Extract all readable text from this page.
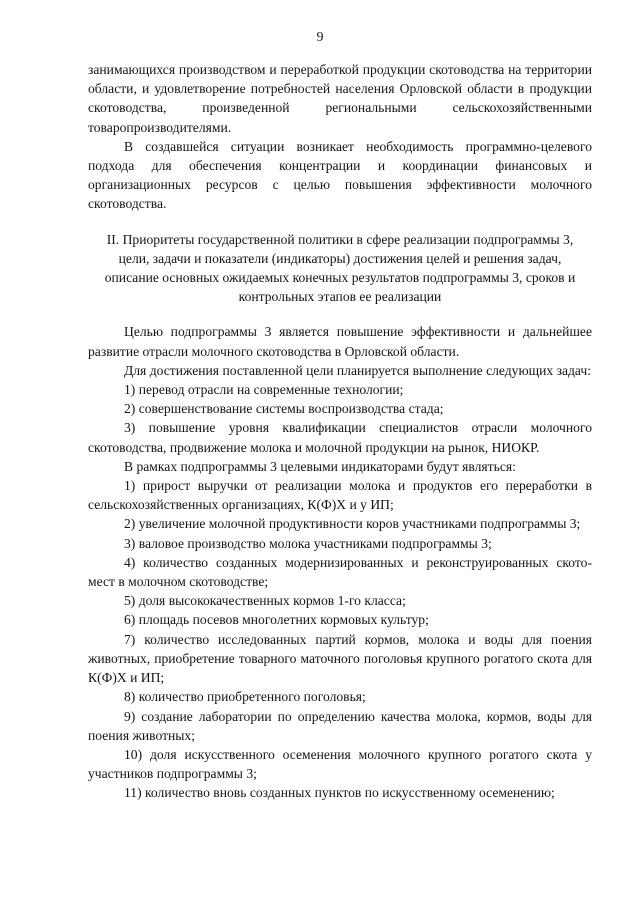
9

занимающихся производством и переработкой продукции скотоводства на территории области, и удовлетворение потребностей населения Орловской области в продукции скотоводства, произведенной региональными сельскохозяйственными товаропроизводителями.

В создавшейся ситуации возникает необходимость программно-целевого подхода для обеспечения концентрации и координации финансовых и организационных ресурсов с целью повышения эффективности молочного скотоводства.

II. Приоритеты государственной политики в сфере реализации подпрограммы 3, цели, задачи и показатели (индикаторы) достижения целей и решения задач, описание основных ожидаемых конечных результатов подпрограммы 3, сроков и контрольных этапов ее реализации

Целью подпрограммы 3 является повышение эффективности и дальнейшее развитие отрасли молочного скотоводства в Орловской области.

Для достижения поставленной цели планируется выполнение следующих задач:

1) перевод отрасли на современные технологии;

2) совершенствование системы воспроизводства стада;

3) повышение уровня квалификации специалистов отрасли молочного скотоводства, продвижение молока и молочной продукции на рынок, НИОКР.

В рамках подпрограммы 3 целевыми индикаторами будут являться:

1) прирост выручки от реализации молока и продуктов его переработки в сельскохозяйственных организациях, К(Ф)Х и у ИП;

2) увеличение молочной продуктивности коров участниками подпрограммы 3;

3) валовое производство молока участниками подпрограммы 3;

4) количество созданных модернизированных и реконструированных ското-мест в молочном скотоводстве;

5) доля высококачественных кормов 1-го класса;

6) площадь посевов многолетних кормовых культур;

7) количество исследованных партий кормов, молока и воды для поения животных, приобретение товарного маточного поголовья крупного рогатого скота для К(Ф)Х и ИП;

8) количество приобретенного поголовья;

9) создание лаборатории по определению качества молока, кормов, воды для поения животных;

10) доля искусственного осеменения молочного крупного рогатого скота у участников подпрограммы 3;

11) количество вновь созданных пунктов по искусственному осеменению;
